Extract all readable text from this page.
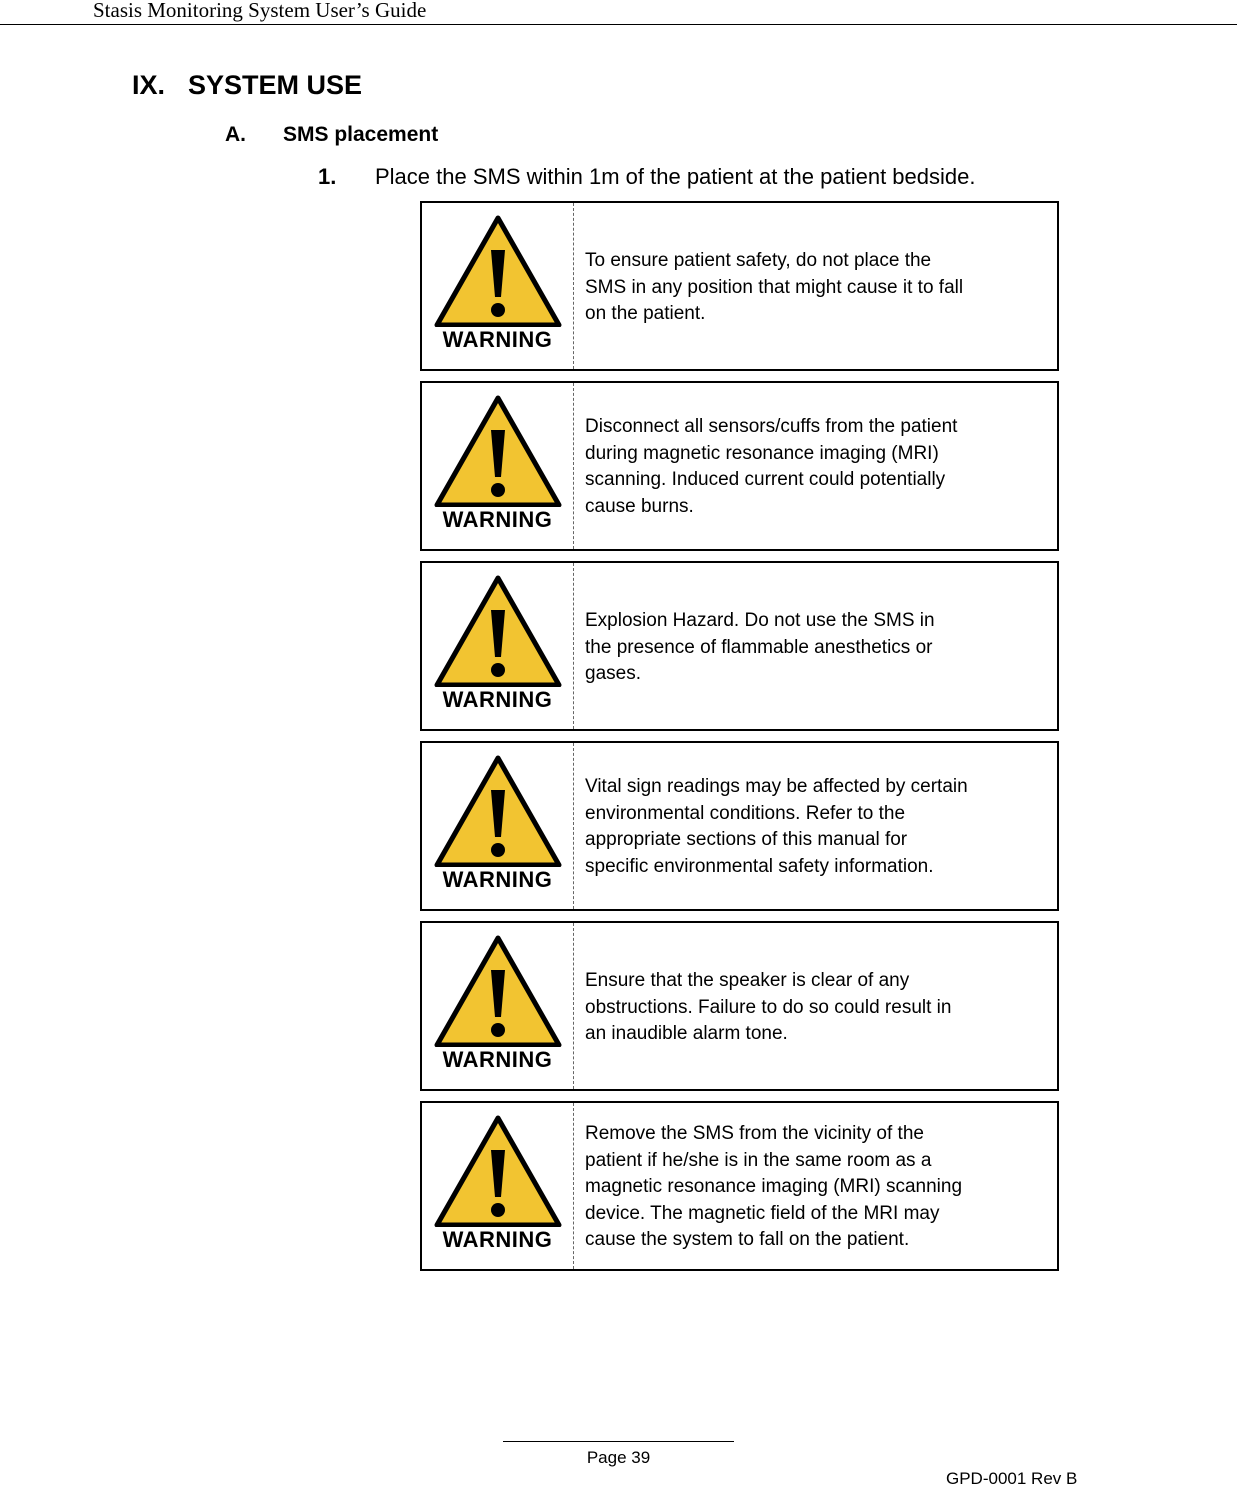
Stasis Monitoring System User’s Guide
IX. SYSTEM USE
A. SMS placement
1. Place the SMS within 1m of the patient at the patient bedside.
WARNING
To ensure patient safety, do not place the
SMS in any position that might cause it to fall
on the patient.
WARNING
Disconnect all sensors/cuffs from the patient
during magnetic resonance imaging (MRI)
scanning. Induced current could potentially
cause burns.
WARNING
Explosion Hazard. Do not use the SMS in
the presence of flammable anesthetics or
gases.
WARNING
Vital sign readings may be affected by certain
environmental conditions. Refer to the
appropriate sections of this manual for
specific environmental safety information.
WARNING
Ensure that the speaker is clear of any
obstructions. Failure to do so could result in
an inaudible alarm tone.
WARNING
Remove the SMS from the vicinity of the
patient if he/she is in the same room as a
magnetic resonance imaging (MRI) scanning
device. The magnetic field of the MRI may
cause the system to fall on the patient.
Page 39
GPD-0001 Rev B
